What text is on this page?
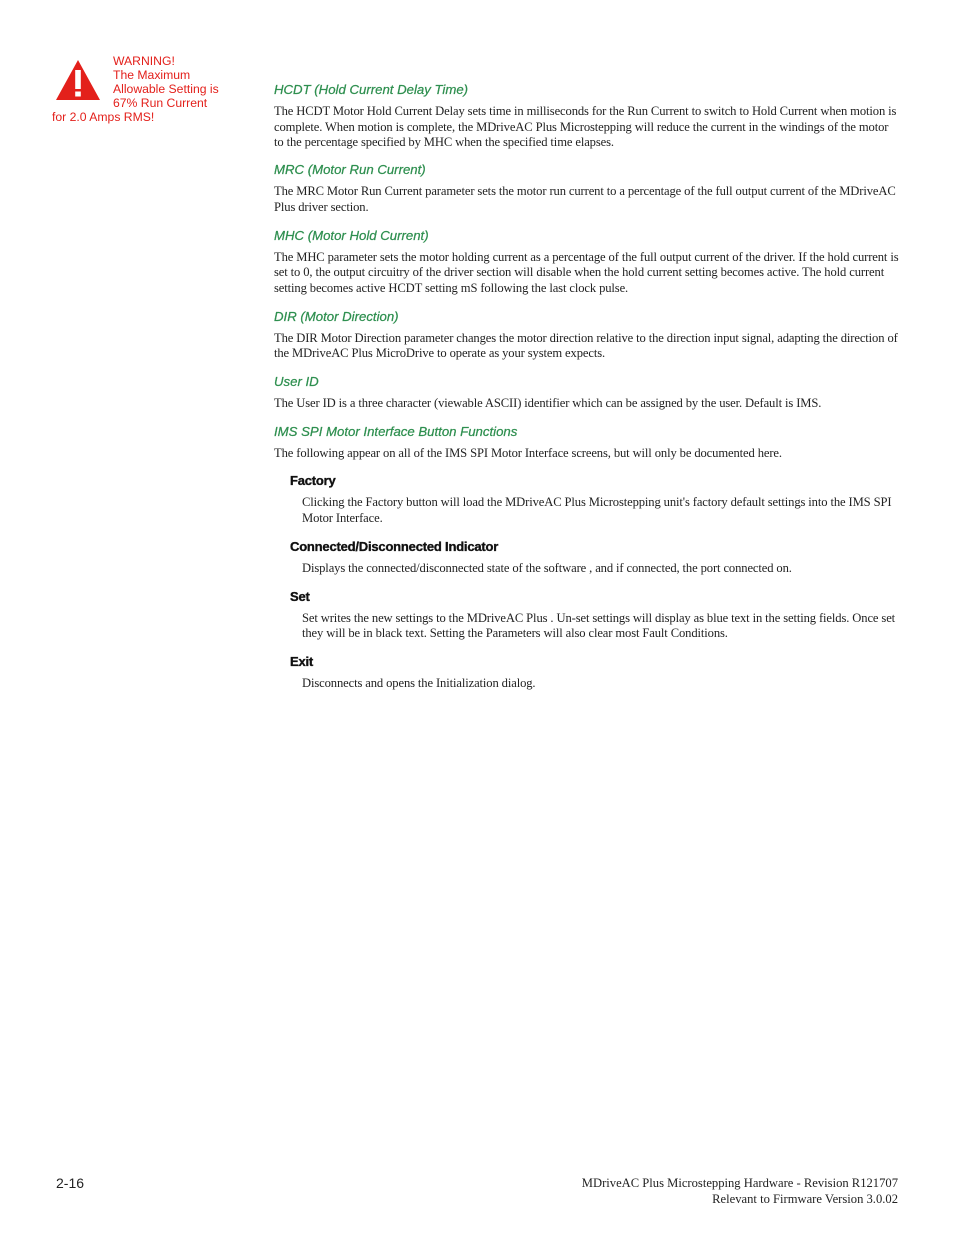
WARNING!
The Maximum
Allowable Setting is
67% Run Current
for 2.0 Amps RMS!

HCDT (Hold Current Delay Time)

The HCDT Motor Hold Current Delay sets time in milliseconds for the Run Current to switch to Hold Current when motion is complete. When motion is complete, the MDriveAC Plus Microstepping will reduce the current in the windings of the motor to the percentage specified by MHC when the specified time elapses.

MRC (Motor Run Current)

The MRC Motor Run Current parameter sets the motor run current to a percentage of the full output current of the MDriveAC Plus driver section.

MHC (Motor Hold Current)

The MHC parameter sets the motor holding current as a percentage of the full output current of the driver. If the hold current is set to 0, the output circuitry of the driver section will disable when the hold current setting becomes active. The hold current setting becomes active HCDT setting mS following the last clock pulse.

DIR (Motor Direction)

The DIR Motor Direction parameter changes the motor direction relative to the direction input signal, adapting the direction of the MDriveAC Plus MicroDrive to operate as your system expects.

User ID

The User ID is a three character (viewable ASCII) identifier which can be assigned by the user. Default is IMS.

IMS SPI Motor Interface Button Functions

The following appear on all of the IMS SPI Motor Interface screens, but will only be documented here.

Factory

Clicking the Factory button will load the MDriveAC Plus Microstepping unit's factory default settings into the IMS SPI Motor Interface.

Connected/Disconnected Indicator

Displays the connected/disconnected state of the software , and if connected, the port connected on.

Set

Set writes the new settings to the MDriveAC Plus . Un-set settings will display as blue text in the setting fields. Once set they will be in black text. Setting the Parameters will also clear most Fault Conditions.

Exit

Disconnects and opens the Initialization dialog.

2-16	MDriveAC Plus Microstepping Hardware - Revision R121707
Relevant to Firmware Version 3.0.02
